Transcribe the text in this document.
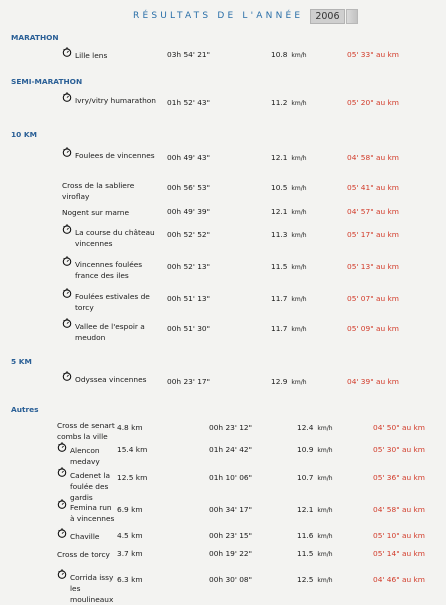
RÉSULTATS DE L'ANNÉE	2006
MARATHON
Lille lens	03h 54' 21"	10.8 km/h	05' 33" au km
SEMI-MARATHON
Ivry/vitry humarathon 01h 52' 43"	11.2 km/h	05' 20" au km
10 KM
Foulees de vincennes 00h 49' 43"	12.1 km/h	04' 58" au km
Cross de la sabliere viroflay
00h 56' 53"	10.5 km/h	05' 41" au km
Nogent sur marne	00h 49' 39"	12.1 km/h	04' 57" au km
La course du château vincennes
00h 52' 52"	11.3 km/h	05' 17" au km
Vincennes foulées france des iles
00h 52' 13"	11.5 km/h	05' 13" au km
Foulées estivales de torcy
00h 51' 13"	11.7 km/h	05' 07" au km
Vallee de l'espoir a meudon
00h 51' 30"	11.7 km/h	05' 09" au km
5 KM
Odyssea vincennes	00h 23' 17"	12.9 km/h	04' 39" au km
Autres
Cross de senart combs la ville
4.8 km	00h 23' 12"	12.4 km/h	04' 50" au km
Alencon medavy
15.4 km	01h 24' 42"	10.9 km/h	05' 30" au km
Cadenet la foulée des gardis
12.5 km	01h 10' 06"	10.7 km/h	05' 36" au km
Femina run à vincennes
6.9 km	00h 34' 17"	12.1 km/h	04' 58" au km
Chaville 4.5 km	00h 23' 15"	11.6 km/h	05' 10" au km
Cross de torcy 3.7 km	00h 19' 22"	11.5 km/h	05' 14" au km
Corrida issy les moulineaux
6.3 km	00h 30' 08"	12.5 km/h	04' 46" au km
